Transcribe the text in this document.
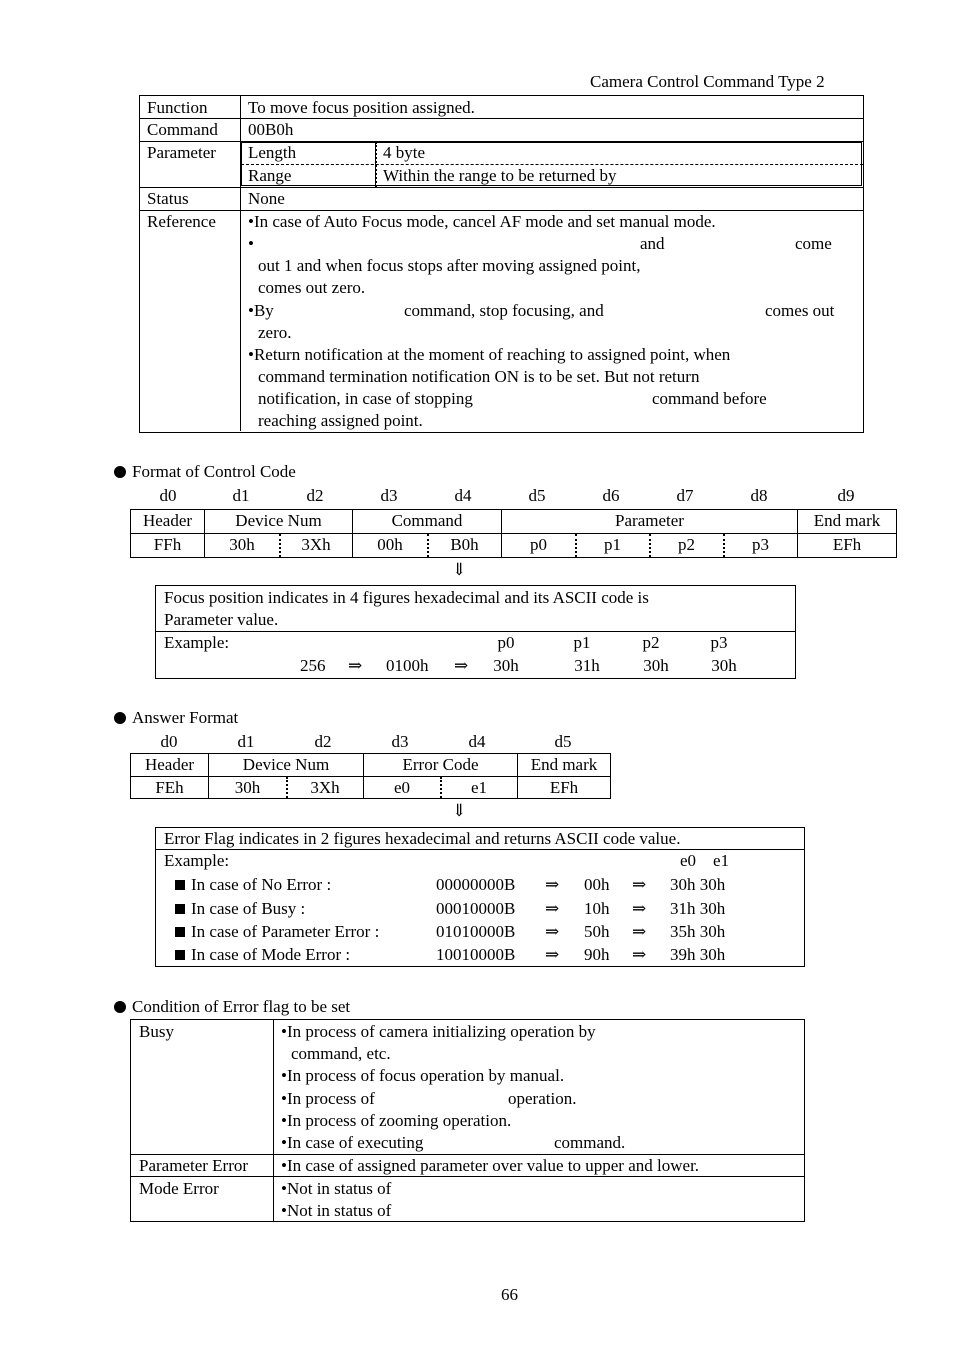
Camera Control Command Type 2
Function To move focus position assigned.
Command 00B0h
Parameter Length	4 byte
Range	Within the range to be returned by
Status	None
Reference •In case of Auto Focus mode, cancel AF mode and set manual mode.
•	and	come
out 1 and when focus stops after moving assigned point,
comes out zero.
•By	command, stop focusing, and	comes out
zero.
•Return notification at the moment of reaching to assigned point, when
command termination notification ON is to be set. But not return
notification, in case of stopping	command before
reaching assigned point.
Format of Control Code
d0	d1	d2	d3	d4	d5	d6	d7	d8	d9
Header	Device Num	Command	Parameter	End mark
FFh	30h	3Xh	00h	B0h	p0	p1	p2	p3	EFh
⇓
Focus position indicates in 4 figures hexadecimal and its ASCII code is
Parameter value.
Example:	p0	p1	p2	p3
256 ⇒ 0100h ⇒	30h	31h	30h	30h
Answer Format
d0	d1	d2	d3	d4	d5
Header	Device Num	Error Code	End mark
FEh	30h	3Xh	e0	e1	EFh
⇓
Error Flag indicates in 2 figures hexadecimal and returns ASCII code value.
Example:	e0    e1
In case of No Error :	00000000B ⇒ 00h ⇒ 30h 30h
In case of Busy :	00010000B ⇒ 10h ⇒ 31h 30h
In case of Parameter Error :	01010000B ⇒ 50h ⇒ 35h 30h
In case of Mode Error :	10010000B ⇒ 90h ⇒ 39h 30h
Condition of Error flag to be set
Busy	•In process of camera initializing operation by
command, etc.
•In process of focus operation by manual.
•In process of	operation.
•In process of zooming operation.
•In case of executing	command.
Parameter Error •In case of assigned parameter over value to upper and lower.
Mode Error	•Not in status of
•Not in status of
66
